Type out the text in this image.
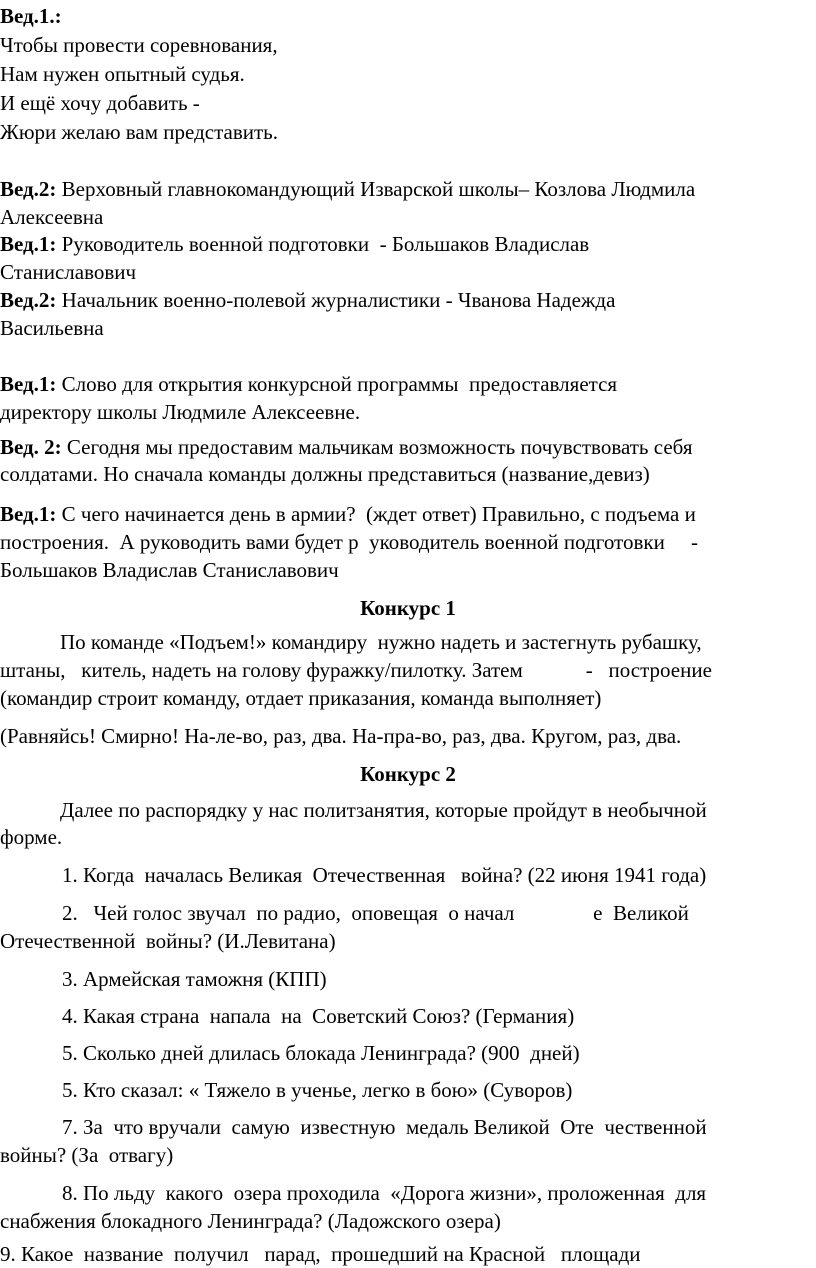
Вед.1.:
Чтобы провести соревнования,
Нам нужен опытный судья.
И ещё хочу добавить -
Жюри желаю вам представить.
Вед.2: Верховный главнокомандующий Изварской школы– Козлова Людмила
Алексеевна
Вед.1: Руководитель военной подготовки  - Большаков Владислав
Станиславович
Вед.2: Начальник военно-полевой журналистики - Чванова Надежда
Васильевна
Вед.1: Слово для открытия конкурсной программы  предоставляется
директору школы Людмиле Алексеевне.
Вед. 2: Сегодня мы предоставим мальчикам возможность почувствовать себя
солдатами. Но сначала команды должны представиться (название,девиз)
Вед.1: С чего начинается день в армии?  (ждет ответ) Правильно, с подъема и
построения.  А руководить вами будет р  уководитель военной подготовки     -
Большаков Владислав Станиславович
Конкурс 1
По команде «Подъем!» командиру  нужно надеть и застегнуть рубашку,
штаны,   китель, надеть на голову фуражку/пилотку. Затем            -   построение
(командир строит команду, отдает приказания, команда выполняет)
(Равняйсь! Смирно! На-ле-во, раз, два. На-пра-во, раз, два. Кругом, раз, два.
Конкурс 2
Далее по распорядку у нас политзанятия, которые пройдут в необычной
форме.
1. Когда  началась Великая  Отечественная   война? (22 июня 1941 года)
2.   Чей голос звучал  по радио,  оповещая  о начал               е  Великой
Отечественной  войны? (И.Левитана)
3. Армейская таможня (КПП)
4. Какая страна  напала  на  Советский Союз? (Германия)
5. Сколько дней длилась блокада Ленинграда? (900  дней)
5. Кто сказал: « Тяжело в ученье, легко в бою» (Суворов)
7. За  что вручали  самую  известную  медаль Великой  Оте  чественной
войны? (За  отвагу)
8. По льду  какого  озера проходила  «Дорога жизни», проложенная  для
снабжения блокадного Ленинграда? (Ладожского озера)
9. Какое  название  получил   парад,  прошедший на Красной   площади
